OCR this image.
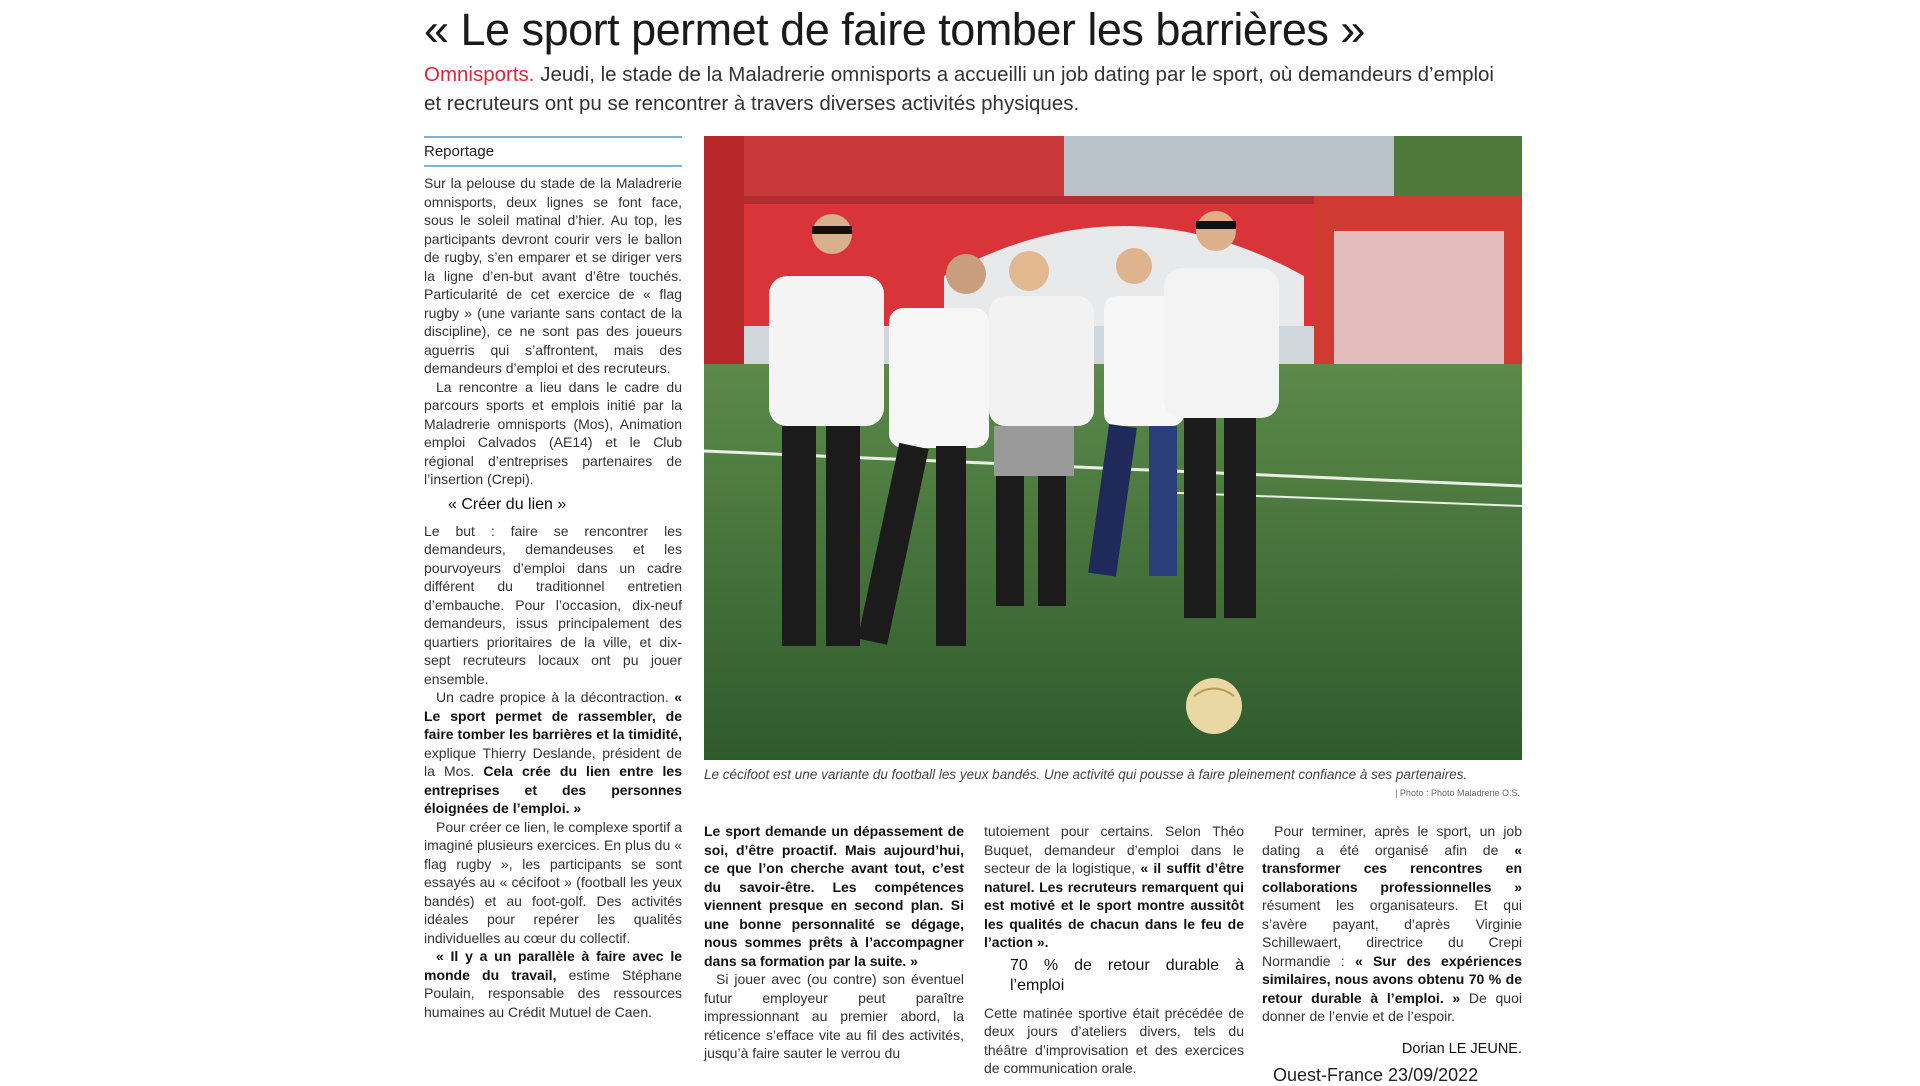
« Le sport permet de faire tomber les barrières »

Omnisports. Jeudi, le stade de la Maladrerie omnisports a accueilli un job dating par le sport, où demandeurs d’emploi et recruteurs ont pu se rencontrer à travers diverses activités physiques.

Reportage

Sur la pelouse du stade de la Maladrerie omnisports, deux lignes se font face, sous le soleil matinal d’hier. Au top, les participants devront courir vers le ballon de rugby, s’en emparer et se diriger vers la ligne d’en-but avant d’être touchés. Particularité de cet exercice de « flag rugby » (une variante sans contact de la discipline), ce ne sont pas des joueurs aguerris qui s’affrontent, mais des demandeurs d’emploi et des recruteurs.

La rencontre a lieu dans le cadre du parcours sports et emplois initié par la Maladrerie omnisports (Mos), Animation emploi Calvados (AE14) et le Club régional d’entreprises partenaires de l’insertion (Crepi).

« Créer du lien »

Le but : faire se rencontrer les demandeurs, demandeuses et les pourvoyeurs d’emploi dans un cadre différent du traditionnel entretien d’embauche. Pour l’occasion, dix-neuf demandeurs, issus principalement des quartiers prioritaires de la ville, et dix-sept recruteurs locaux ont pu jouer ensemble.

Un cadre propice à la décontraction. « Le sport permet de rassembler, de faire tomber les barrières et la timidité, explique Thierry Deslande, président de la Mos. Cela crée du lien entre les entreprises et des personnes éloignées de l’emploi. »

Pour créer ce lien, le complexe sportif a imaginé plusieurs exercices. En plus du « flag rugby », les participants se sont essayés au « cécifoot » (football les yeux bandés) et au foot-golf. Des activités idéales pour repérer les qualités individuelles au cœur du collectif.

« Il y a un parallèle à faire avec le monde du travail, estime Stéphane Poulain, responsable des ressources humaines au Crédit Mutuel de Caen.

Le cécifoot est une variante du football les yeux bandés. Une activité qui pousse à faire pleinement confiance à ses partenaires.
| Photo : Photo Maladrerie O.S.

Le sport demande un dépassement de soi, d’être proactif. Mais aujourd’hui, ce que l’on cherche avant tout, c’est du savoir-être. Les compétences viennent presque en second plan. Si une bonne personnalité se dégage, nous sommes prêts à l’accompagner dans sa formation par la suite. »

Si jouer avec (ou contre) son éventuel futur employeur peut paraître impressionnant au premier abord, la réticence s’efface vite au fil des activités, jusqu’à faire sauter le verrou du

tutoiement pour certains. Selon Théo Buquet, demandeur d’emploi dans le secteur de la logistique, « il suffit d’être naturel. Les recruteurs remarquent qui est motivé et le sport montre aussitôt les qualités de chacun dans le feu de l’action ».

70 % de retour durable à l’emploi

Cette matinée sportive était précédée de deux jours d’ateliers divers, tels du théâtre d’improvisation et des exercices de communication orale.

Pour terminer, après le sport, un job dating a été organisé afin de « transformer ces rencontres en collaborations professionnelles » résument les organisateurs. Et qui s’avère payant, d’après Virginie Schillewaert, directrice du Crepi Normandie : « Sur des expériences similaires, nous avons obtenu 70 % de retour durable à l’emploi. » De quoi donner de l’envie et de l’espoir.

Dorian LE JEUNE.
Ouest-France 23/09/2022
